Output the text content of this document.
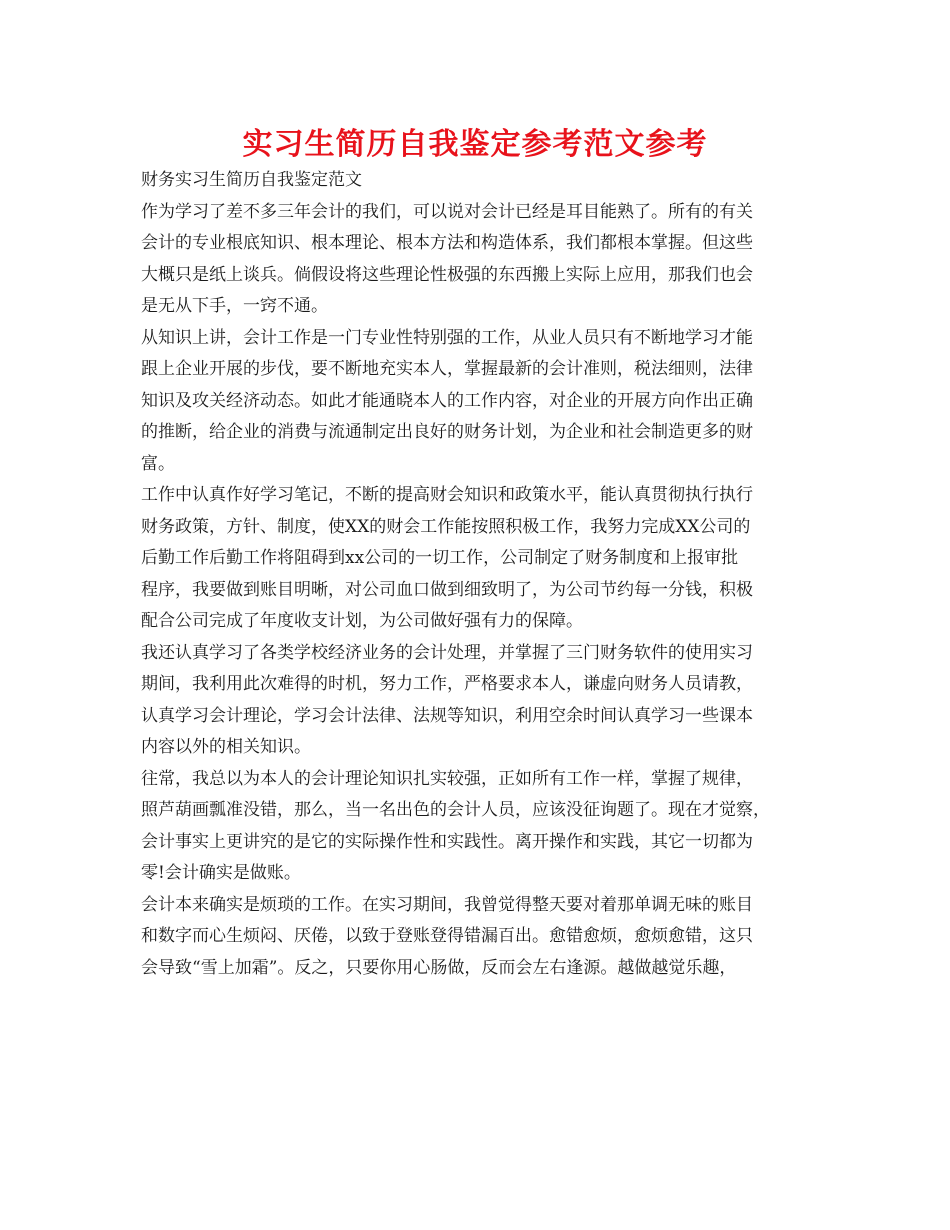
实习生简历自我鉴定参考范文参考
财务实习生简历自我鉴定范文
作为学习了差不多三年会计的我们，可以说对会计已经是耳目能熟了。所有的有关
会计的专业根底知识、根本理论、根本方法和构造体系，我们都根本掌握。但这些
大概只是纸上谈兵。倘假设将这些理论性极强的东西搬上实际上应用，那我们也会
是无从下手，一窍不通。
从知识上讲，会计工作是一门专业性特别强的工作，从业人员只有不断地学习才能
跟上企业开展的步伐，要不断地充实本人，掌握最新的会计准则，税法细则，法律
知识及攻关经济动态。如此才能通晓本人的工作内容，对企业的开展方向作出正确
的推断，给企业的消费与流通制定出良好的财务计划，为企业和社会制造更多的财
富。
工作中认真作好学习笔记，不断的提高财会知识和政策水平，能认真贯彻执行执行
财务政策，方针、制度，使XX的财会工作能按照积极工作，我努力完成XX公司的
后勤工作后勤工作将阻碍到xx公司的一切工作，公司制定了财务制度和上报审批
程序，我要做到账目明晰，对公司血口做到细致明了，为公司节约每一分钱，积极
配合公司完成了年度收支计划，为公司做好强有力的保障。
我还认真学习了各类学校经济业务的会计处理，并掌握了三门财务软件的使用实习
期间，我利用此次难得的时机，努力工作，严格要求本人，谦虚向财务人员请教，
认真学习会计理论，学习会计法律、法规等知识，利用空余时间认真学习一些课本
内容以外的相关知识。
往常，我总以为本人的会计理论知识扎实较强，正如所有工作一样，掌握了规律，
照芦葫画瓢准没错，那么，当一名出色的会计人员，应该没征询题了。现在才觉察，
会计事实上更讲究的是它的实际操作性和实践性。离开操作和实践，其它一切都为
零!会计确实是做账。
会计本来确实是烦琐的工作。在实习期间，我曾觉得整天要对着那单调无味的账目
和数字而心生烦闷、厌倦，以致于登账登得错漏百出。愈错愈烦，愈烦愈错，这只
会导致“雪上加霜”。反之，只要你用心肠做，反而会左右逢源。越做越觉乐趣，
